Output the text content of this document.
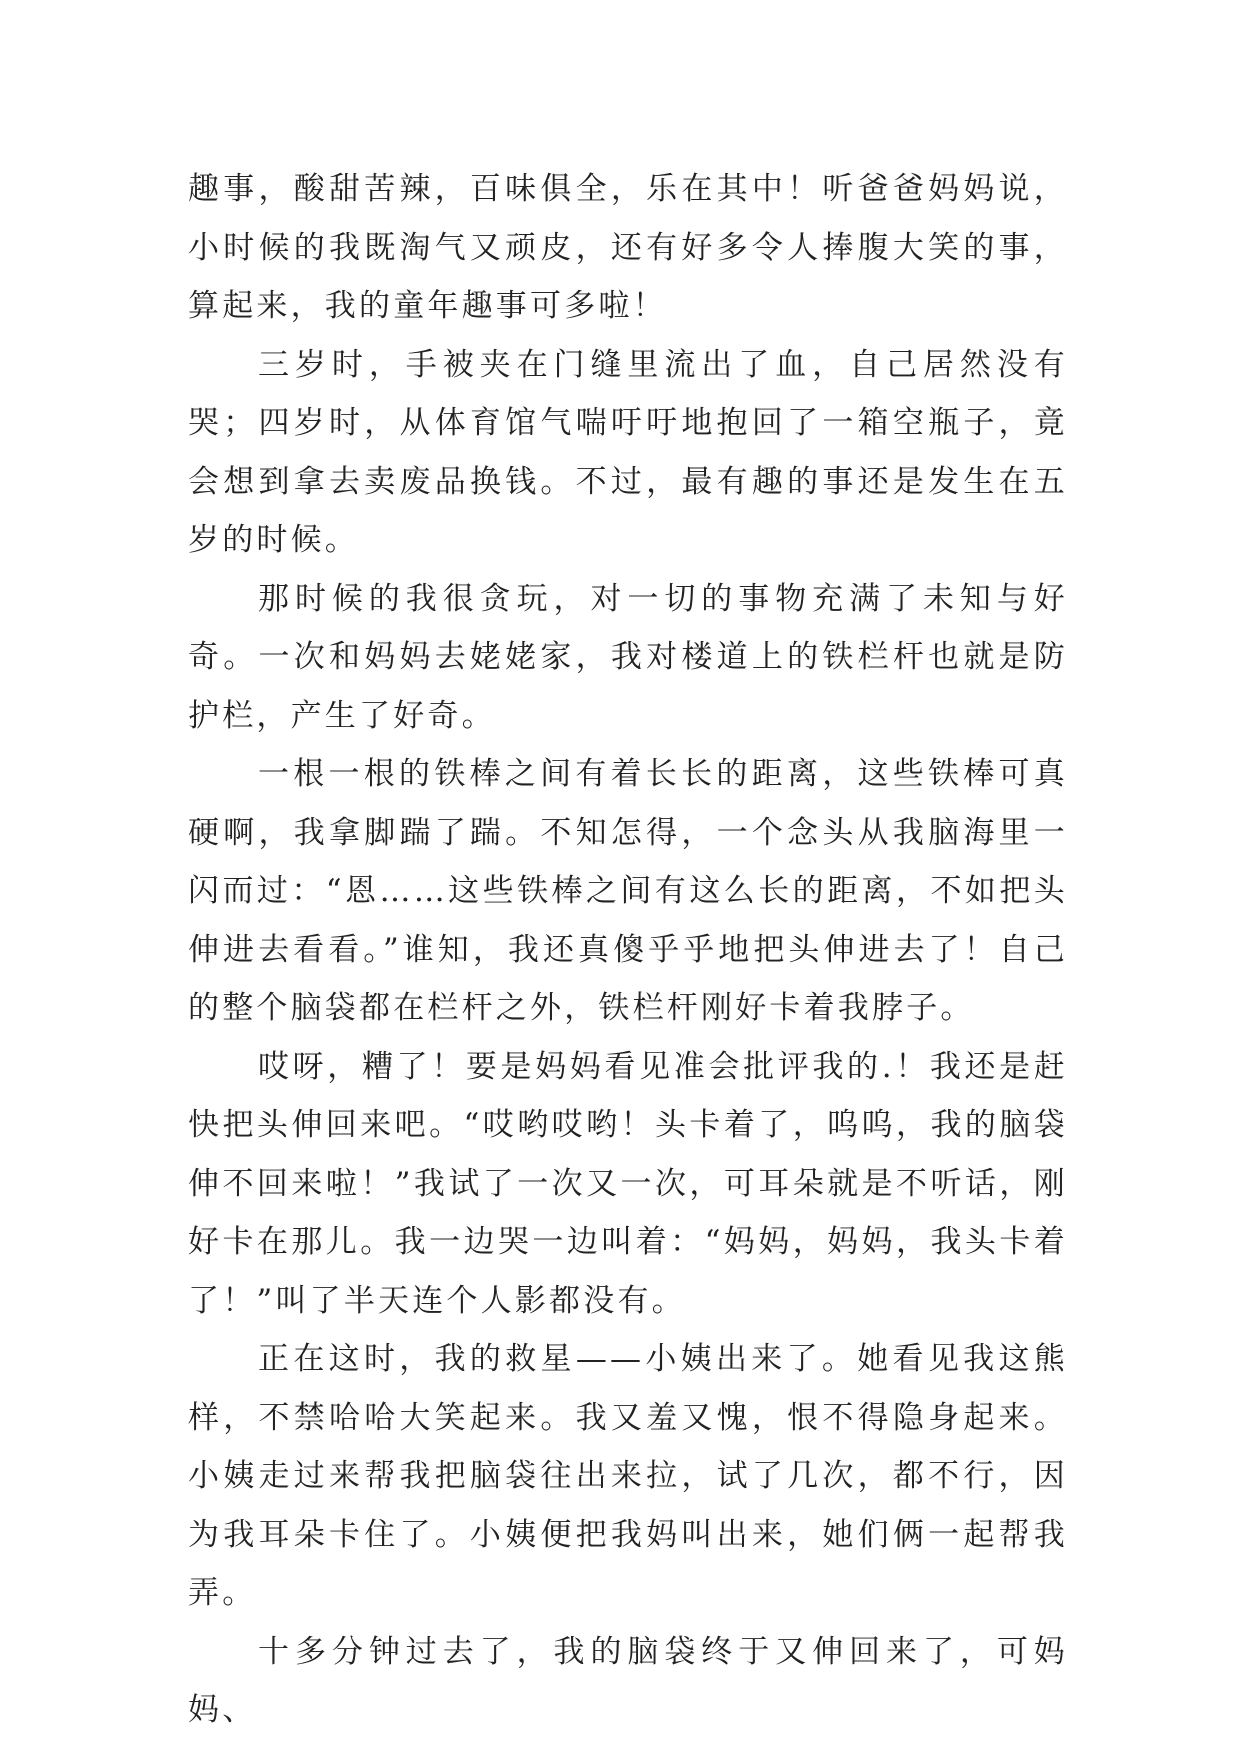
趣事，酸甜苦辣，百味俱全，乐在其中！听爸爸妈妈说，小时候的我既淘气又顽皮，还有好多令人捧腹大笑的事，算起来，我的童年趣事可多啦！

三岁时，手被夹在门缝里流出了血，自己居然没有哭；四岁时，从体育馆气喘吁吁地抱回了一箱空瓶子，竟会想到拿去卖废品换钱。不过，最有趣的事还是发生在五岁的时候。

那时候的我很贪玩，对一切的事物充满了未知与好奇。一次和妈妈去姥姥家，我对楼道上的铁栏杆也就是防护栏，产生了好奇。

一根一根的铁棒之间有着长长的距离，这些铁棒可真硬啊，我拿脚踹了踹。不知怎得，一个念头从我脑海里一闪而过：“恩……这些铁棒之间有这么长的距离，不如把头伸进去看看。”谁知，我还真傻乎乎地把头伸进去了！自己的整个脑袋都在栏杆之外，铁栏杆刚好卡着我脖子。

哎呀，糟了！要是妈妈看见准会批评我的.！我还是赶快把头伸回来吧。“哎哟哎哟！头卡着了，呜呜，我的脑袋伸不回来啦！”我试了一次又一次，可耳朵就是不听话，刚好卡在那儿。我一边哭一边叫着：“妈妈，妈妈，我头卡着了！”叫了半天连个人影都没有。

正在这时，我的救星——小姨出来了。她看见我这熊样，不禁哈哈大笑起来。我又羞又愧，恨不得隐身起来。小姨走过来帮我把脑袋往出来拉，试了几次，都不行，因为我耳朵卡住了。小姨便把我妈叫出来，她们俩一起帮我弄。

十多分钟过去了，我的脑袋终于又伸回来了，可妈妈、
